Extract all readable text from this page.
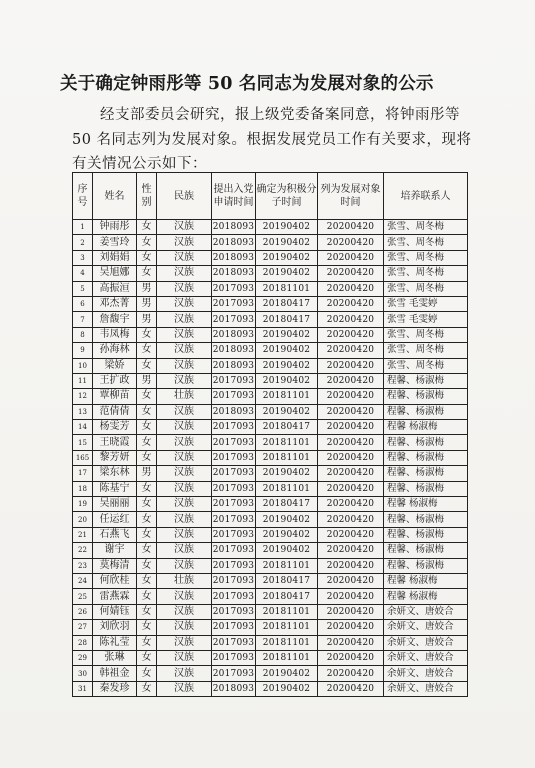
关于确定钟雨彤等 50 名同志为发展对象的公示
经支部委员会研究，报上级党委备案同意，将钟雨彤等
50 名同志列为发展对象。根据发展党员工作有关要求，现将
有关情况公示如下：
序号	姓名	性别	民族	提出入党申请时间	确定为积极分子时间	列为发展对象时间	培养联系人
1	钟雨彤	女	汉族	2018093	20190402	20200420	张雪、周冬梅
2	姜雪玲	女	汉族	2018093	20190402	20200420	张雪、周冬梅
3	刘娟娟	女	汉族	2018093	20190402	20200420	张雪、周冬梅
4	吴旭娜	女	汉族	2018093	20190402	20200420	张雪、周冬梅
5	高振洹	男	汉族	2017093	20181101	20200420	张雪、周冬梅
6	邓杰菁	男	汉族	2017093	20180417	20200420	张雪 毛雯婷
7	詹馥宇	男	汉族	2017093	20180417	20200420	张雪 毛雯婷
8	韦凤梅	女	汉族	2018093	20190402	20200420	张雪、周冬梅
9	孙海林	女	汉族	2018093	20190402	20200420	张雪、周冬梅
10	梁娇	女	汉族	2018093	20190402	20200420	张雪、周冬梅
11	王扩政	男	汉族	2017093	20190402	20200420	程馨、杨淑梅
12	覃柳苗	女	壮族	2017093	20181101	20200420	程馨、杨淑梅
13	范倩倩	女	汉族	2018093	20190402	20200420	程馨、杨淑梅
14	杨雯芳	女	汉族	2017093	20180417	20200420	程馨 杨淑梅
15	王晓霞	女	汉族	2017093	20181101	20200420	程馨、杨淑梅
165	黎芳妍	女	汉族	2017093	20181101	20200420	程馨、杨淑梅
17	梁东林	男	汉族	2017093	20190402	20200420	程馨、杨淑梅
18	陈基宁	女	汉族	2017093	20181101	20200420	程馨、杨淑梅
19	吴丽丽	女	汉族	2017093	20180417	20200420	程馨 杨淑梅
20	任运红	女	汉族	2017093	20190402	20200420	程馨、杨淑梅
21	石燕飞	女	汉族	2017093	20190402	20200420	程馨、杨淑梅
22	谢宇	女	汉族	2017093	20190402	20200420	程馨、杨淑梅
23	莫梅清	女	汉族	2017093	20181101	20200420	程馨、杨淑梅
24	何欣桂	女	壮族	2017093	20180417	20200420	程馨 杨淑梅
25	雷燕霖	女	汉族	2017093	20180417	20200420	程馨 杨淑梅
26	何婧钰	女	汉族	2017093	20181101	20200420	余妍文、唐姣合
27	刘欣羽	女	汉族	2017093	20181101	20200420	余妍文、唐姣合
28	陈礼莹	女	汉族	2017093	20181101	20200420	余妍文、唐姣合
29	张琳	女	汉族	2017093	20181101	20200420	余妍文、唐姣合
30	韩祖金	女	汉族	2017093	20190402	20200420	余妍文、唐姣合
31	秦发珍	女	汉族	2018093	20190402	20200420	余妍文、唐姣合
